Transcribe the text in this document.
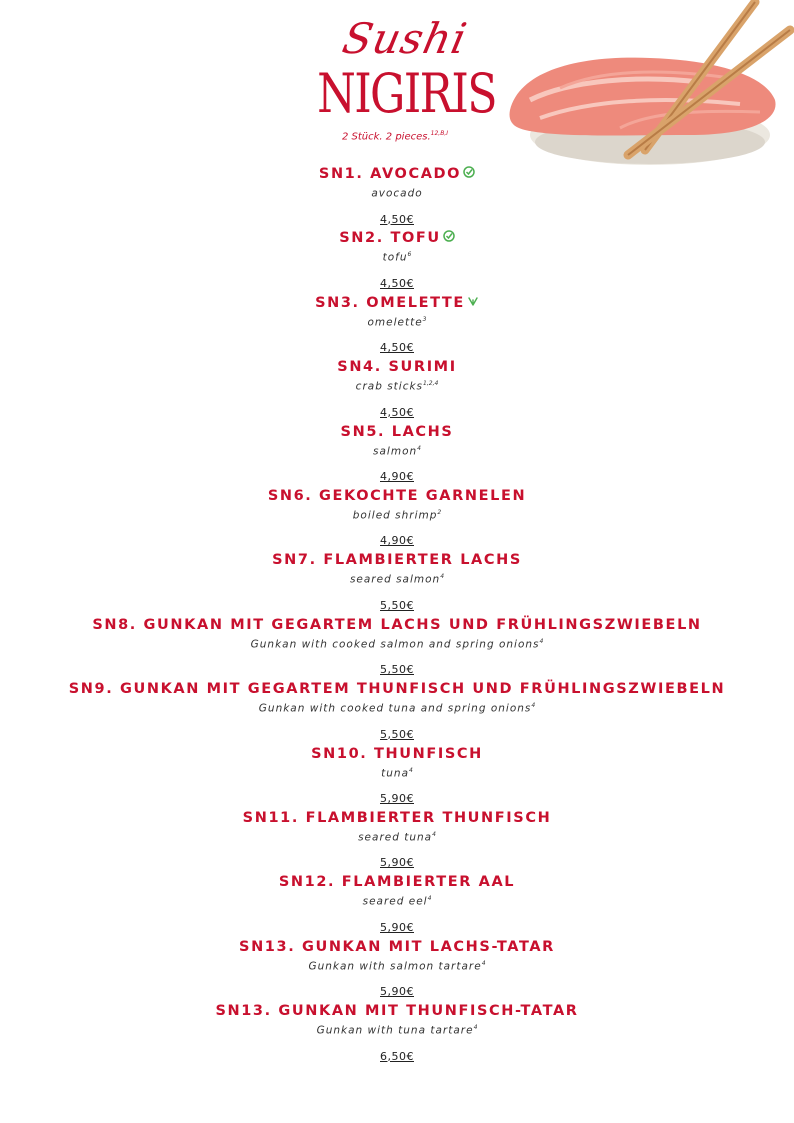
Sushi
NIGIRIS
2 Stück. 2 pieces.$^{12,B,I}$
SN1. AVOCADO
avocado
4,50€
SN2. TOFU
tofu$^6$
4,50€
SN3. OMELETTE
omelette$^3$
4,50€
SN4. SURIMI
crab sticks$^{1,2,4}$
4,50€
SN5. LACHS
salmon$^4$
4,90€
SN6. GEKOCHTE GARNELEN
boiled shrimp$^2$
4,90€
SN7. FLAMBIERTER LACHS
seared salmon$^4$
5,50€
SN8. GUNKAN MIT GEGARTEM LACHS UND FRÜHLINGSZWIEBELN
Gunkan with cooked salmon and spring onions$^4$
5,50€
SN9. GUNKAN MIT GEGARTEM THUNFISCH UND FRÜHLINGSZWIEBELN
Gunkan with cooked tuna and spring onions$^4$
5,50€
SN10. THUNFISCH
tuna$^4$
5,90€
SN11. FLAMBIERTER THUNFISCH
seared tuna$^4$
5,90€
SN12. FLAMBIERTER AAL
seared eel$^4$
5,90€
SN13. GUNKAN MIT LACHS-TATAR
Gunkan with salmon tartare$^4$
5,90€
SN13. GUNKAN MIT THUNFISCH-TATAR
Gunkan with tuna tartare$^4$
6,50€
